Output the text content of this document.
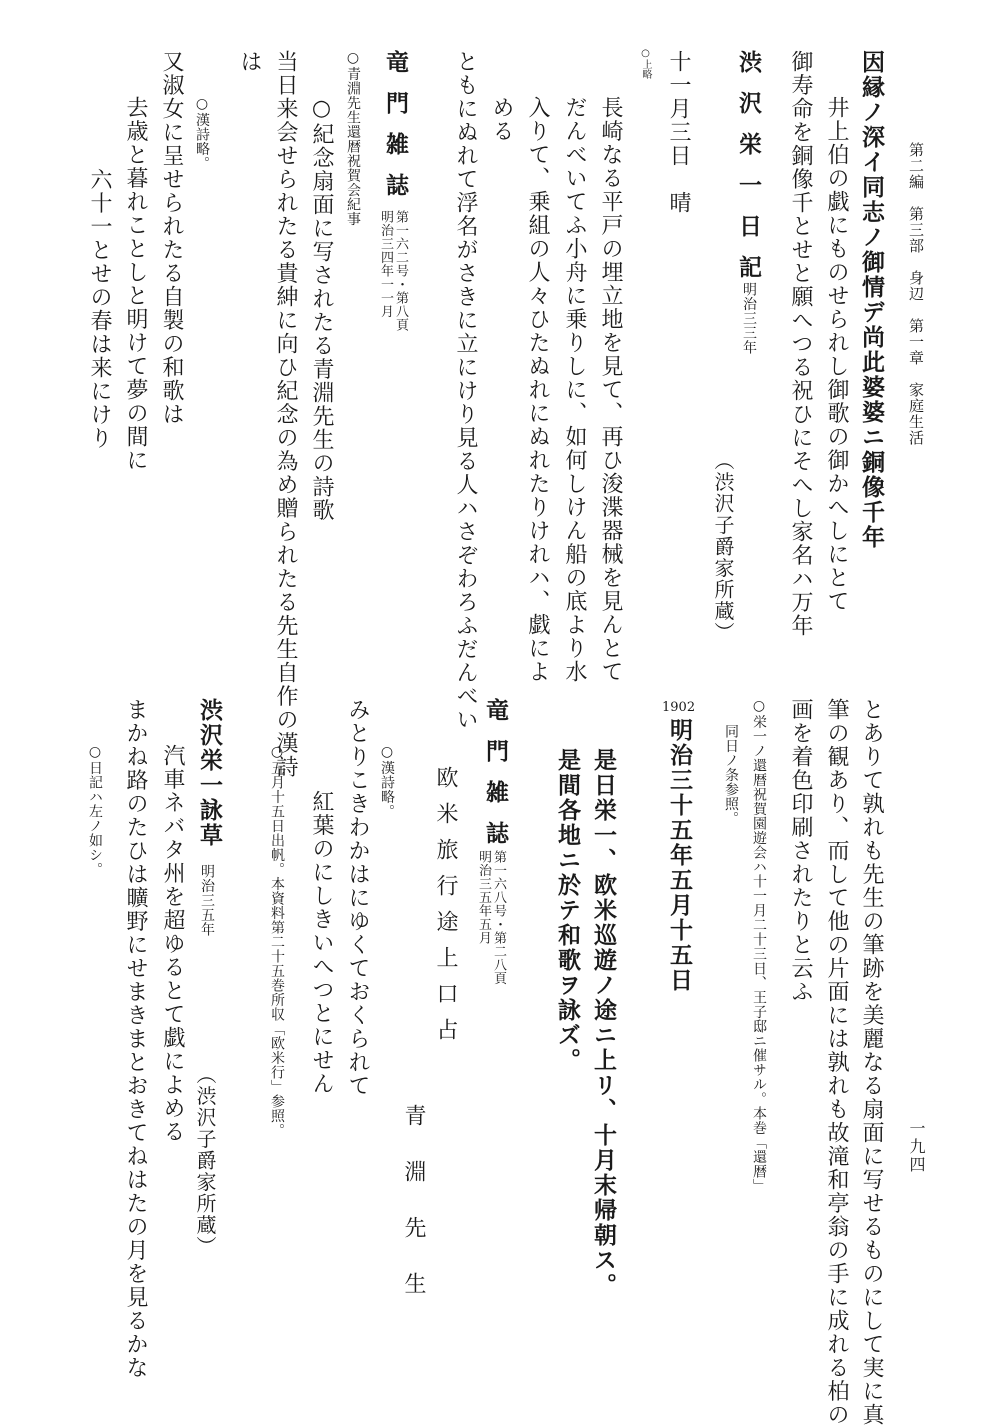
第二編　第三部　身辺　第一章　家庭生活
一九四
因縁ノ深イ同志ノ御情デ尚此婆婆ニ銅像千年
井上伯の戯にものせられし御歌の御かへしにとて
御寿命を銅像千とせと願へつる祝ひにそへし家名ハ万年
渋沢栄一日記
明治三三年
（渋沢子爵家所蔵）
十一月三日　晴
○上略
長崎なる平戸の埋立地を見て、再ひ浚渫器械を見んとて
だんべいてふ小舟に乗りしに、如何しけん船の底より水
入りて、乗組の人々ひたぬれにぬれたりけれハ、戯によ
める
ともにぬれて浮名がさきに立にけり見る人ハさぞわろふだんべい
竜門雑誌
第一六二号・第八頁
明治三四年一一月
○青淵先生還暦祝賀会紀事
○紀念扇面に写されたる青淵先生の詩歌
当日来会せられたる貴紳に向ひ紀念の為め贈られたる先生自作の漢詩
は
○漢詩略。
又淑女に呈せられたる自製の和歌は
去歳と暮れことしと明けて夢の間に
六十一とせの春は来にけり
とありて孰れも先生の筆跡を美麗なる扇面に写せるものにして実に真
筆の観あり、而して他の片面には孰れも故滝和亭翁の手に成れる柏の
画を着色印刷されたりと云ふ
○栄一ノ還暦祝賀園遊会ハ十一月二十三日、王子邸ニ催サル。本巻「還暦」
同日ノ条参照。
1902
明治三十五年五月十五日
是日栄一、欧米巡遊ノ途ニ上リ、十月末帰朝ス。
是間各地ニ於テ和歌ヲ詠ズ。
竜門雑誌
第一六八号・第二八頁
明治三五年五月
欧米旅行途上口占
青淵先生
○漢詩略。
みとりこきわかはにゆくておくられて
紅葉のにしきいへつとにせん
○五月十五日出帆。本資料第二十五巻所収「欧米行」参照。
渋沢栄一詠草
明治三五年
（渋沢子爵家所蔵）
汽車ネバタ州を超ゆるとて戯によめる
まかね路のたひは曠野にせまきまとおきてねはたの月を見るかな
○日記ハ左ノ如シ。
